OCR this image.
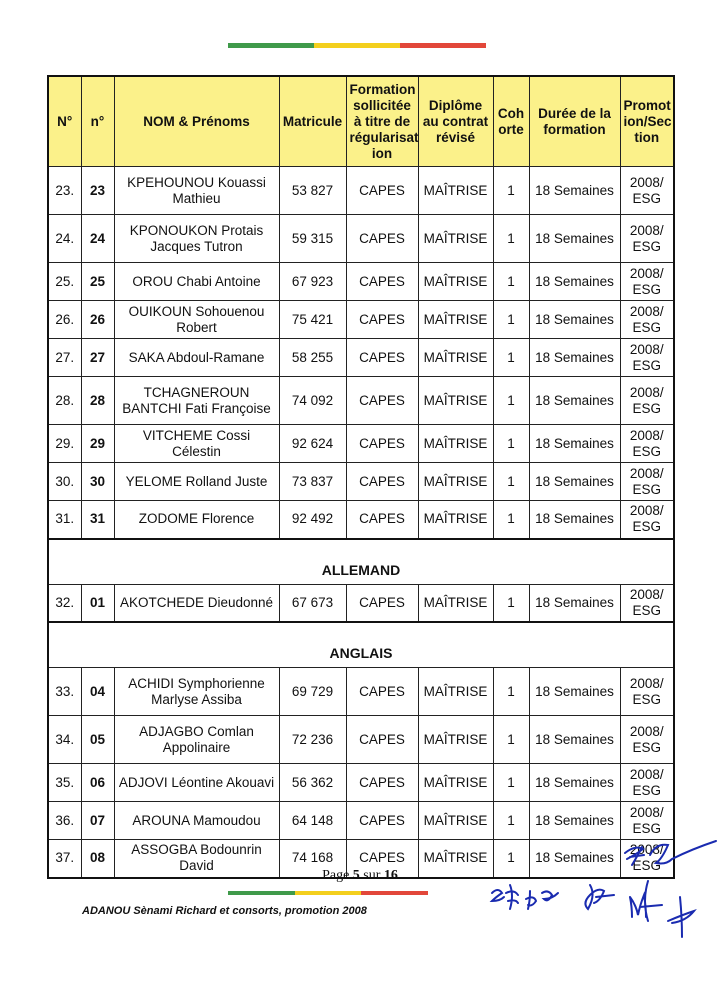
N°	n°	NOM & Prénoms	Matricule	Formation sollicitée à titre de régularisat ion	Diplôme au contrat révisé	Coh orte	Durée de la formation	Promot ion/Sec tion
23.	23	KPEHOUNOU Kouassi Mathieu	53 827	CAPES	MAÎTRISE	1	18 Semaines	2008/
ESG
24.	24	KPONOUKON Protais Jacques Tutron	59 315	CAPES	MAÎTRISE	1	18 Semaines	2008/
ESG
25.	25	OROU Chabi Antoine	67 923	CAPES	MAÎTRISE	1	18 Semaines	2008/
ESG
26.	26	OUIKOUN Sohouenou Robert	75 421	CAPES	MAÎTRISE	1	18 Semaines	2008/
ESG
27.	27	SAKA Abdoul-Ramane	58 255	CAPES	MAÎTRISE	1	18 Semaines	2008/
ESG
28.	28	TCHAGNEROUN BANTCHI Fati Françoise	74 092	CAPES	MAÎTRISE	1	18 Semaines	2008/
ESG
29.	29	VITCHEME Cossi Célestin	92 624	CAPES	MAÎTRISE	1	18 Semaines	2008/
ESG
30.	30	YELOME Rolland Juste	73 837	CAPES	MAÎTRISE	1	18 Semaines	2008/
ESG
31.	31	ZODOME Florence	92 492	CAPES	MAÎTRISE	1	18 Semaines	2008/
ESG
ALLEMAND								
32.	01	AKOTCHEDE Dieudonné	67 673	CAPES	MAÎTRISE	1	18 Semaines	2008/
ESG
ANGLAIS								
33.	04	ACHIDI Symphorienne Marlyse Assiba	69 729	CAPES	MAÎTRISE	1	18 Semaines	2008/
ESG
34.	05	ADJAGBO Comlan Appolinaire	72 236	CAPES	MAÎTRISE	1	18 Semaines	2008/
ESG
35.	06	ADJOVI Léontine Akouavi	56 362	CAPES	MAÎTRISE	1	18 Semaines	2008/
ESG
36.	07	AROUNA Mamoudou	64 148	CAPES	MAÎTRISE	1	18 Semaines	2008/
ESG
37.	08	ASSOGBA Bodounrin David	74 168	CAPES	MAÎTRISE	1	18 Semaines	2008/
ESG
Page 5 sur 16
ADANOU Sènami Richard et consorts, promotion 2008
